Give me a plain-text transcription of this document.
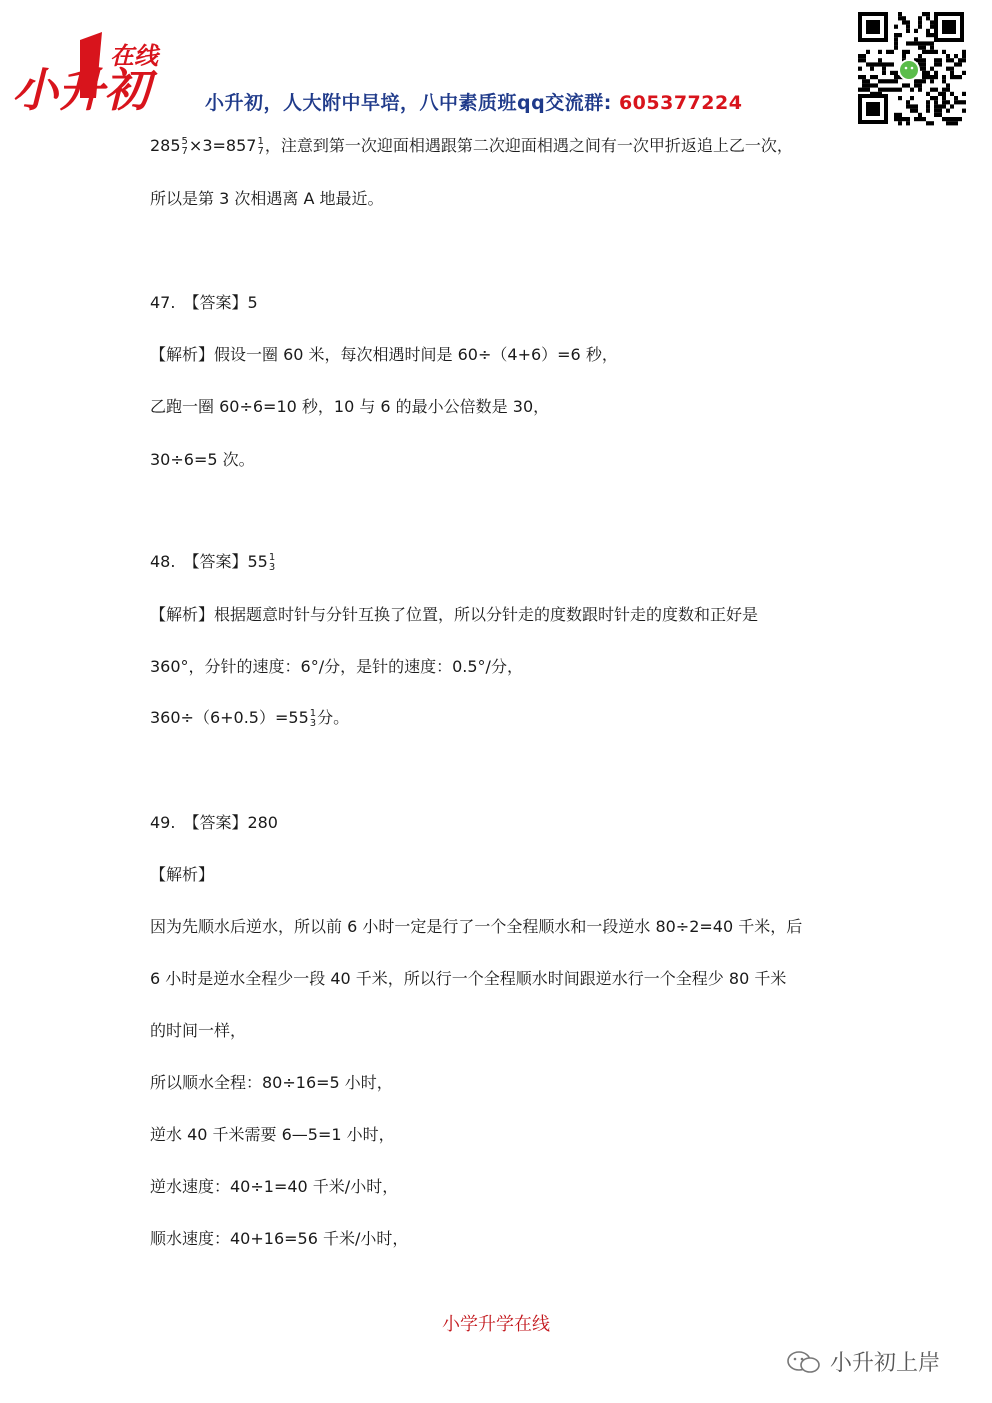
小升初
在线
小升初，人大附中早培，八中素质班qq交流群: 605377224
285 5
7 ×3=857 1
7 ，注意到第一次迎面相遇跟第二次迎面相遇之间有一次甲折返追上乙一次，
所以是第 3 次相遇离 A 地最近。
47.　【答案】5
【解析】假设一圈 60 米，每次相遇时间是 60÷（4+6）=6 秒，
乙跑一圈 60÷6=10 秒，10 与 6 的最小公倍数是 30，
30÷6=5 次。
48.　【答案】55 1
3
【解析】根据题意时针与分针互换了位置，所以分针走的度数跟时针走的度数和正好是
360°，分针的速度：6°/分，是针的速度：0.5°/分，
360÷（6+0.5）=55 1
3 分。
49.　【答案】280
【解析】
因为先顺水后逆水，所以前 6 小时一定是行了一个全程顺水和一段逆水 80÷2=40 千米，后
6 小时是逆水全程少一段 40 千米，所以行一个全程顺水时间跟逆水行一个全程少 80 千米
的时间一样，
所以顺水全程：80÷16=5 小时，
逆水 40 千米需要 6—5=1 小时，
逆水速度：40÷1=40 千米/小时，
顺水速度：40+16=56 千米/小时，
小学升学在线
小升初上岸
